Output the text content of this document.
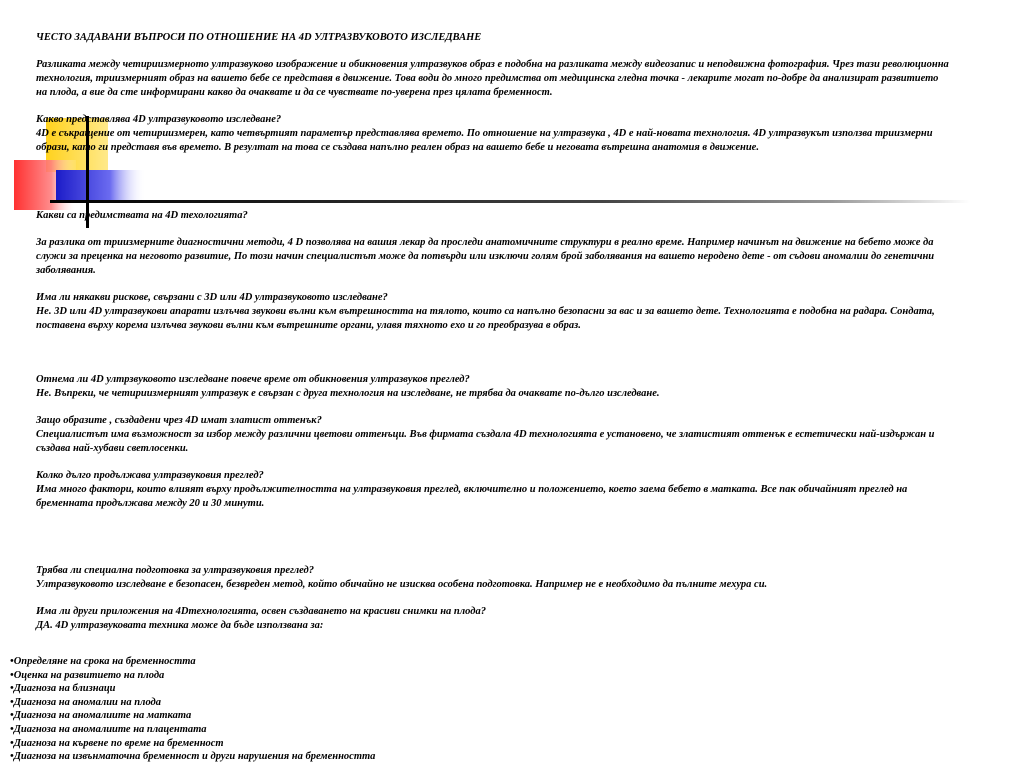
ЧЕСТО ЗАДАВАНИ ВЪПРОСИ ПО ОТНОШЕНИЕ НА 4D УЛТРАЗВУКОВОТО ИЗСЛЕДВАНЕ
Разликата между четириизмерното ултразвуково изображение и обикновения ултразвуков образ е подобна на разликата между видеозапис и неподвижна фотография. Чрез тази революционна
технология, триизмерният образ на вашето бебе се представя в движение. Това води до много предимства от медицинска гледна точка - лекарите могат по-добре да анализират развитието
на плода, а вие да сте информирани какво да очаквате и да се чувствате по-уверена през цялата бременност.
Какво представлява 4D ултразвуковото изследване?
4D е съкращение от четириизмерен, като четвъртият параметър представлява времето. По отношение на ултразвука , 4D е най-новата технология. 4D ултразвукът използва триизмерни
образи, като ги представя във времето. В резултат на това се създава напълно реален образ на вашето бебе и неговата вътрешна анатомия в движение.
Какви са предимствата на 4D техологията?
За разлика от триизмерните диагностични методи, 4 D позволява на вашия лекар да проследи анатомичните структури в реално време. Например начинът на движение на бебето може да
служи за преценка на неговото развитие, По този начин специалистът може да потвърди или изключи голям брой заболявания на вашето неродено дете - от съдови аномалии до генетични
заболявания.
Има ли някакви рискове, свързани с 3D или 4D ултразвуковото изследване?
Не. 3D или 4D ултразвукови апарати излъчва звукови вълни към вътрешността на тялото, които са напълно безопасни за вас и за вашето дете. Технологията е подобна на радара. Сондата,
поставена върху корема излъчва звукови вълни към вътрешните органи, улавя тяхното ехо и го преобразува в образ.
Отнема ли 4D ултрзвуковото изследване повече време от обикновения ултразвуков преглед?
Не. Въпреки, че четириизмерният ултразвук е свързан с друга технология на изследване, не трябва да очаквате по-дълго изследване.
Защо образите , създадени чрез 4D имат златист оттенък?
Специалистът има възможност за избор между различни цветови оттенъци. Във фирмата създала 4D технологията е установено, че златистият оттенък е естетически най-издържан и
създава най-хубави светлосенки.
Колко дълго продължава ултразвуковия преглед?
Има много фактори, които влияят върху продължителността на ултразвуковия преглед, включително и положението, което заема бебето в матката. Все пак обичайният преглед на
бременната продължава между 20 и 30 минути.
Трябва ли специална подготовка за ултразвуковия преглед?
Ултразвуковото изследване е безопасен, безвреден метод, който обичайно не изисква особена подготовка. Например не е необходимо да пълните мехура си.
Има ли други приложения на 4Dтехнологията, освен създаването на красиви снимки на плода?
ДА. 4D ултразвуковата техника може да бъде използвана за:
•Определяне на срока на бременността
•Оценка на развитието на плода
•Диагноза на близнаци
•Диагноза на аномалии на плода
•Диагноза на аномалиите на матката
•Диагноза на аномалиите на плацентата
•Диагноза на кървене по време на бременност
•Диагноза на извънматочна бременност и други нарушения на бременността
